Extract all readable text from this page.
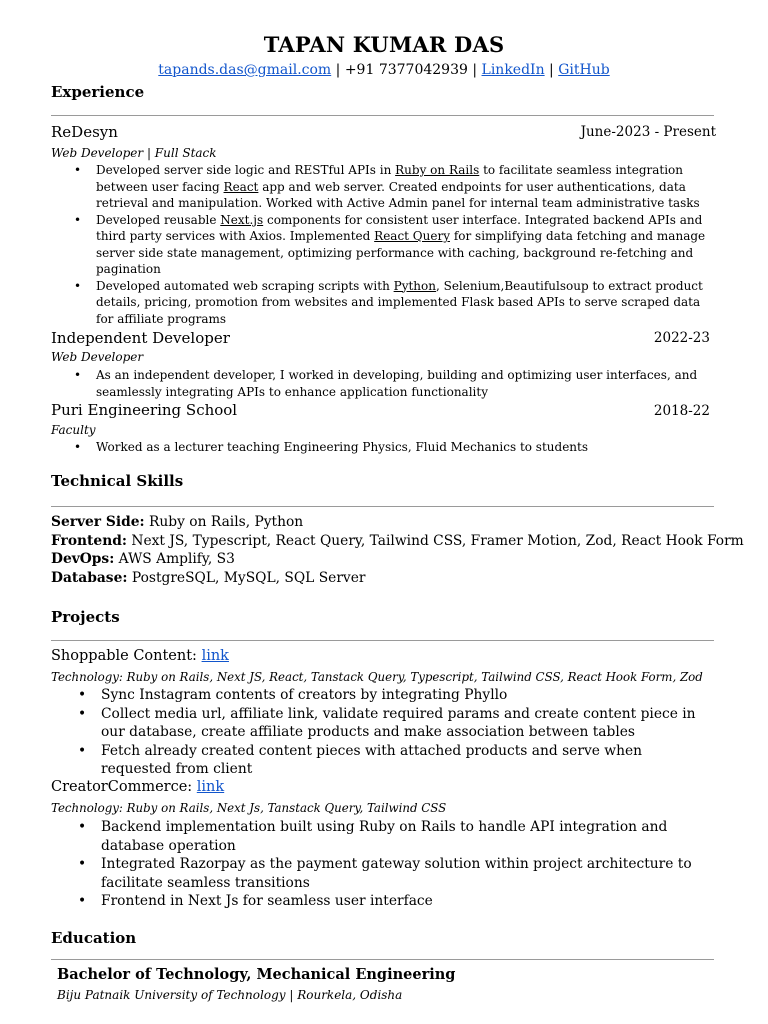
TAPAN KUMAR DAS
tapands.das@gmail.com | +91 7377042939 | LinkedIn | GitHub
Experience
ReDesyn	June-2023 - Present
Web Developer | Full Stack
• Developed server side logic and RESTful APIs in Ruby on Rails to facilitate seamless integration between user facing React app and web server. Created endpoints for user authentications, data retrieval and manipulation. Worked with Active Admin panel for internal team administrative tasks
• Developed reusable Next.js components for consistent user interface. Integrated backend APIs and third party services with Axios. Implemented React Query for simplifying data fetching and manage server side state management, optimizing performance with caching, background re-fetching and pagination
• Developed automated web scraping scripts with Python, Selenium,Beautifulsoup to extract product details, pricing, promotion from websites and implemented Flask based APIs to serve scraped data for affiliate programs
Independent Developer	2022-23
Web Developer
• As an independent developer, I worked in developing, building and optimizing user interfaces, and seamlessly integrating APIs to enhance application functionality
Puri Engineering School	2018-22
Faculty
• Worked as a lecturer teaching Engineering Physics, Fluid Mechanics to students
Technical Skills
Server Side: Ruby on Rails, Python
Frontend: Next JS, Typescript, React Query, Tailwind CSS, Framer Motion, Zod, React Hook Form
DevOps: AWS Amplify, S3
Database: PostgreSQL, MySQL, SQL Server
Projects
Shoppable Content: link
Technology: Ruby on Rails, Next JS, React, Tanstack Query, Typescript, Tailwind CSS, React Hook Form, Zod
• Sync Instagram contents of creators by integrating Phyllo
• Collect media url, affiliate link, validate required params and create content piece in our database, create affiliate products and make association between tables
• Fetch already created content pieces with attached products and serve when requested from client
CreatorCommerce: link
Technology: Ruby on Rails, Next Js, Tanstack Query, Tailwind CSS
• Backend implementation built using Ruby on Rails to handle API integration and database operation
• Integrated Razorpay as the payment gateway solution within project architecture to facilitate seamless transitions
• Frontend in Next Js for seamless user interface
Education
Bachelor of Technology, Mechanical Engineering
Biju Patnaik University of Technology | Rourkela, Odisha
